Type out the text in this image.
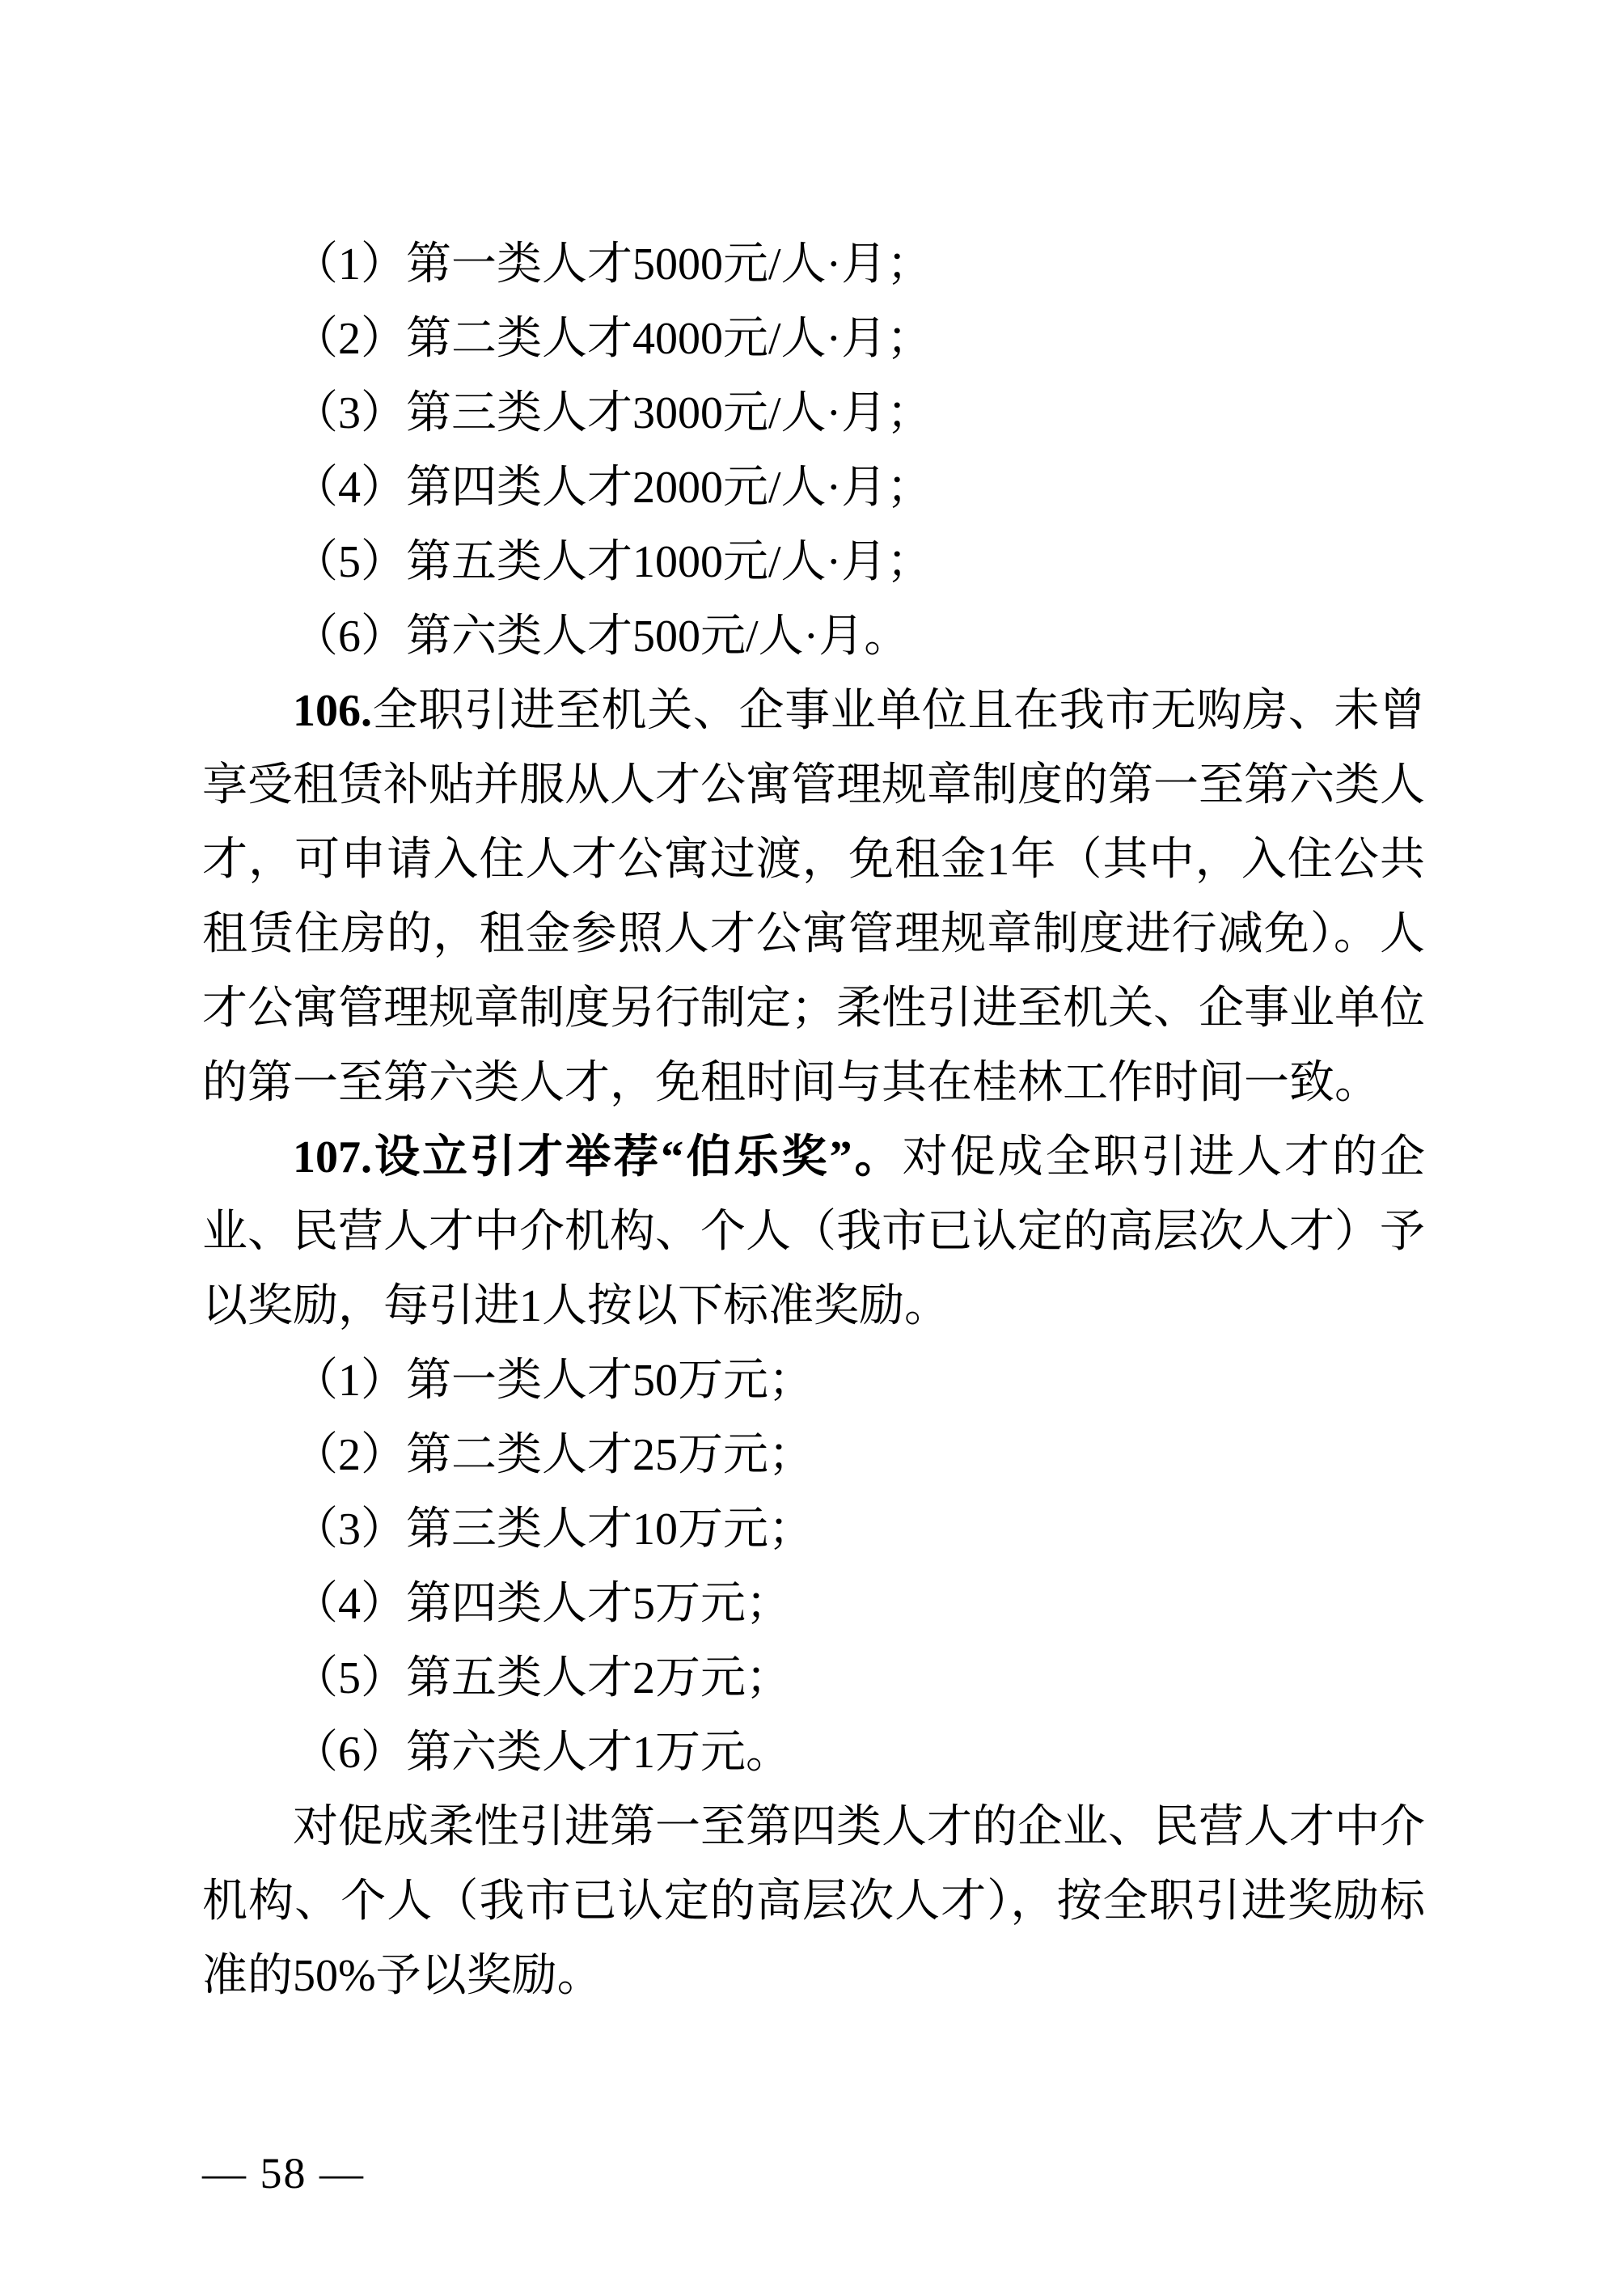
（1）第一类人才5000元/人·月；
（2）第二类人才4000元/人·月；
（3）第三类人才3000元/人·月；
（4）第四类人才2000元/人·月；
（5）第五类人才1000元/人·月；
（6）第六类人才500元/人·月。

106.全职引进至机关、企事业单位且在我市无购房、未曾享受租赁补贴并服从人才公寓管理规章制度的第一至第六类人才，可申请入住人才公寓过渡，免租金1年（其中，入住公共租赁住房的，租金参照人才公寓管理规章制度进行减免）。人才公寓管理规章制度另行制定；柔性引进至机关、企事业单位的第一至第六类人才，免租时间与其在桂林工作时间一致。

107.设立引才举荐“伯乐奖”。对促成全职引进人才的企业、民营人才中介机构、个人（我市已认定的高层次人才）予以奖励，每引进1人按以下标准奖励。

（1）第一类人才50万元；
（2）第二类人才25万元；
（3）第三类人才10万元；
（4）第四类人才5万元；
（5）第五类人才2万元；
（6）第六类人才1万元。

对促成柔性引进第一至第四类人才的企业、民营人才中介机构、个人（我市已认定的高层次人才），按全职引进奖励标准的50%予以奖励。

— 58 —
